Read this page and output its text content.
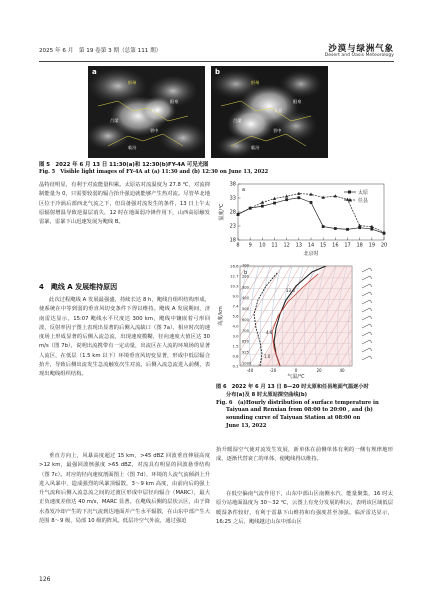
2025 年 6 月　第 19 卷第 3 期（总第 111 期）	沙漠与绿洲气象
Desert and Oasis Meteorology
a
忻州
太原
吕梁
阳泉
晋中
临汾
b
忻州
太原
吕梁
阳泉
晋中
临汾
图 5　2022 年 6 月 13 日 11:30(a)和 12:30(b)FY-4A 可见光图
Fig. 5　Visible light images of FY-4A at (a) 11:30 and (b) 12:30 on June 13, 2022
晶特征明显，有利于对流能量积累。太原站对流温度为 27.8 ℃，对流抑制能量为 0，只需要较弱的辐合抬升强迫就能够产生热对流。尽管华北地区位于冷涡后部西北气流之下，但具备强对流发生的条件，13 日上午太原辐射增温导致逆温层消失，12 时在地面弱冷锋作用下，山西高原触发雷暴，雷暴下山迅速发展为飑线 B。
4　飑线 A 发展维持原因
此次过程飑线 A 发展最强盛，持续长达 8 h，飑线自组织结构形成，使系统在中等到弱的垂直风切变条件下得以维持。飑线 A 发展期间，济南雷达显示，15:07 飑线水平尺度达 300 km，飑线中镶嵌着弓形回波，反射率因子图上表现出显著的后侧入流缺口（图 7a），相应时次的速度场上形成显著的后侧入流急流，出现速度模糊，径向速度大值区达 30 m/s（图 7b），说明出流携带有一定动量，出流区在人流的环境场的显著人流区，在低层（1.5 km 以下）环境垂直风切变显著，形成中低层辐合抬升，导致后侧出流发生急流触发次生对流，后侧入流急流进入前侧，表现出飑线组织结构。
垂直方向上，风暴高度超过 15 km，>45 dBZ 回波垂直伸展高度 >12 km，最强回波核强度 >65 dBZ，对流具有明显的回波悬垂结构（图 7c）。对应的径向速度剖面图上（图 7d），环境的人流气流倾斜上升进入风暴中，造成强烈的风暴顶辐散，3～9 km 高度，由前向后的强上升气流和后侧入流急流之间的过渡区形成中层径向辐合（MARC），最大正负速度差值达 40 m/s，MARC 显著。在飑线后侧的层状云区，由于降水蒸发冷却产生的下沉气流到达地面并产生水平辐散，在山东中部产生大范围 8～9 级，局部 10 级的阵风。低层冷空气外流，通过强迫
126
a
温度/℃
北京时
太原
任县
18
23
28
33
38
8 9 10 11 12 13 14 15 16 17 18 19 20
b
高度/km
气温/℃
100
200
300
400
500
600
700
850
925
1000
16.6
12.7
10.3
9.0
7.4
5.6
4.0
3.0
1.5
0.8
0.1
-40	-20	0	20	40
13.4
4.6
1.0
图 6　2022 年 6 月 13 日 8—20 时太原和任县地面气温逐小时
分布(a)及 8 时太原站探空曲线(b)
Fig. 6　(a)Hourly distribution of surface temperature in
Taiyuan and Renxian from 08:00 to 20:00 , and (b)
sounding curve of Taiyuan Station at 08:00 on
June 13, 2022
抬升暖湿空气使对流发生发展，新单体在前侧单体有利的一侧有规律地形成，逐渐代替衰亡的单体，使飑线得以维持。
在低空偏南气流作用下，山东中部山区南侧水汽、能量聚集，16 时太原分站地面温度为 30～32 ℃，云图上有充分发展的积云，表明该区域低层暖湿条件较好，有利于雷暴下山维持和有强度甚至加强。临沂雷达显示，16:25 之后，飑线越过山东中部山区
